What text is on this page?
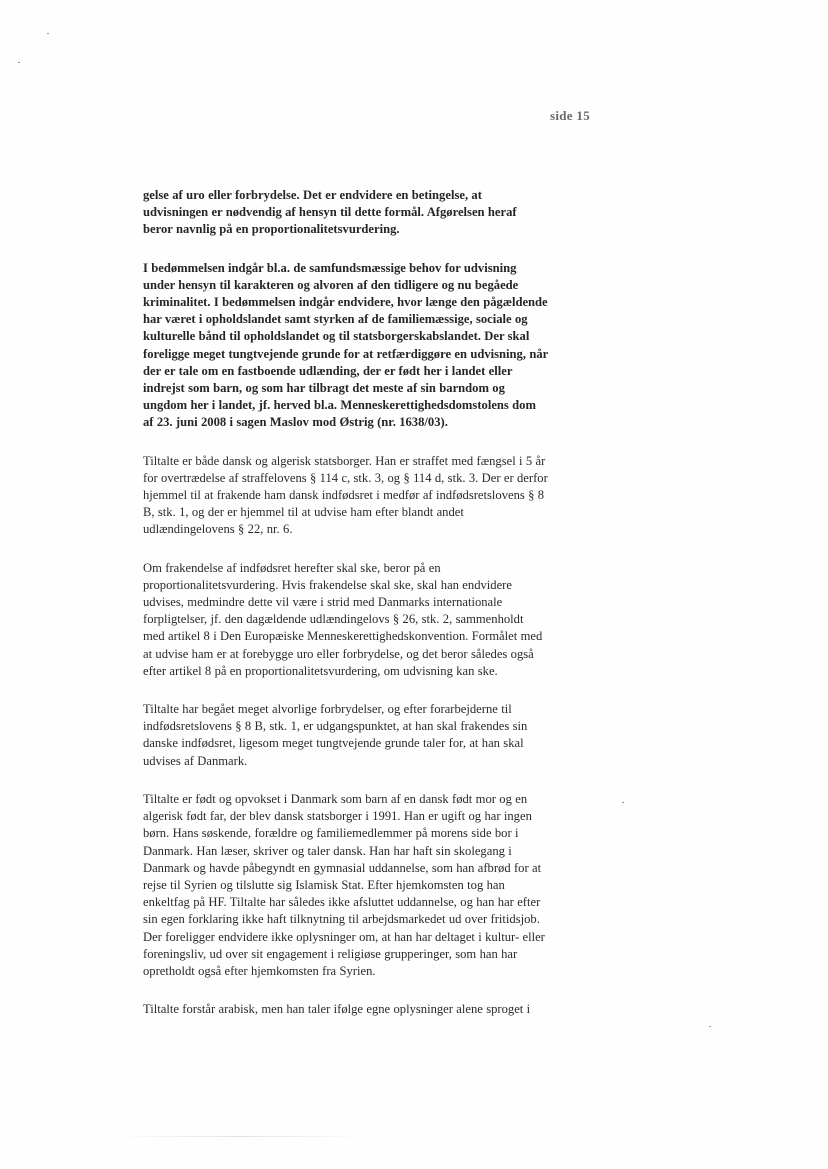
side 15

gelse af uro eller forbrydelse. Det er endvidere en betingelse, at udvisningen er nødvendig af hensyn til dette formål. Afgørelsen heraf beror navnlig på en proportionalitetsvurdering.

I bedømmelsen indgår bl.a. de samfundsmæssige behov for udvisning under hensyn til karakteren og alvoren af den tidligere og nu begåede kriminalitet. I bedømmelsen indgår endvidere, hvor længe den pågældende har været i opholdslandet samt styrken af de familiemæssige, sociale og kulturelle bånd til opholdslandet og til statsborgerskabslandet. Der skal foreligge meget tungtvejende grunde for at retfærdiggøre en udvisning, når der er tale om en fastboende udlænding, der er født her i landet eller indrejst som barn, og som har tilbragt det meste af sin barndom og ungdom her i landet, jf. herved bl.a. Menneskerettighedsdomstolens dom af 23. juni 2008 i sagen Maslov mod Østrig (nr. 1638/03).

Tiltalte er både dansk og algerisk statsborger. Han er straffet med fængsel i 5 år for overtrædelse af straffelovens § 114 c, stk. 3, og § 114 d, stk. 3. Der er derfor hjemmel til at frakende ham dansk indfødsret i medfør af indfødsretslovens § 8 B, stk. 1, og der er hjemmel til at udvise ham efter blandt andet udlændingelovens § 22, nr. 6.

Om frakendelse af indfødsret herefter skal ske, beror på en proportionalitetsvurdering. Hvis frakendelse skal ske, skal han endvidere udvises, medmindre dette vil være i strid med Danmarks internationale forpligtelser, jf. den dagældende udlændingelovs § 26, stk. 2, sammenholdt med artikel 8 i Den Europæiske Menneskerettighedskonvention. Formålet med at udvise ham er at forebygge uro eller forbrydelse, og det beror således også efter artikel 8 på en proportionalitetsvurdering, om udvisning kan ske.

Tiltalte har begået meget alvorlige forbrydelser, og efter forarbejderne til indfødsretslovens § 8 B, stk. 1, er udgangspunktet, at han skal frakendes sin danske indfødsret, ligesom meget tungtvejende grunde taler for, at han skal udvises af Danmark.

Tiltalte er født og opvokset i Danmark som barn af en dansk født mor og en algerisk født far, der blev dansk statsborger i 1991. Han er ugift og har ingen børn. Hans søskende, forældre og familiemedlemmer på morens side bor i Danmark. Han læser, skriver og taler dansk. Han har haft sin skolegang i Danmark og havde påbegyndt en gymnasial uddannelse, som han afbrød for at rejse til Syrien og tilslutte sig Islamisk Stat. Efter hjemkomsten tog han enkeltfag på HF. Tiltalte har således ikke afsluttet uddannelse, og han har efter sin egen forklaring ikke haft tilknytning til arbejdsmarkedet ud over fritidsjob. Der foreligger endvidere ikke oplysninger om, at han har deltaget i kultur- eller foreningsliv, ud over sit engagement i religiøse grupperinger, som han har opretholdt også efter hjemkomsten fra Syrien.

Tiltalte forstår arabisk, men han taler ifølge egne oplysninger alene sproget i
